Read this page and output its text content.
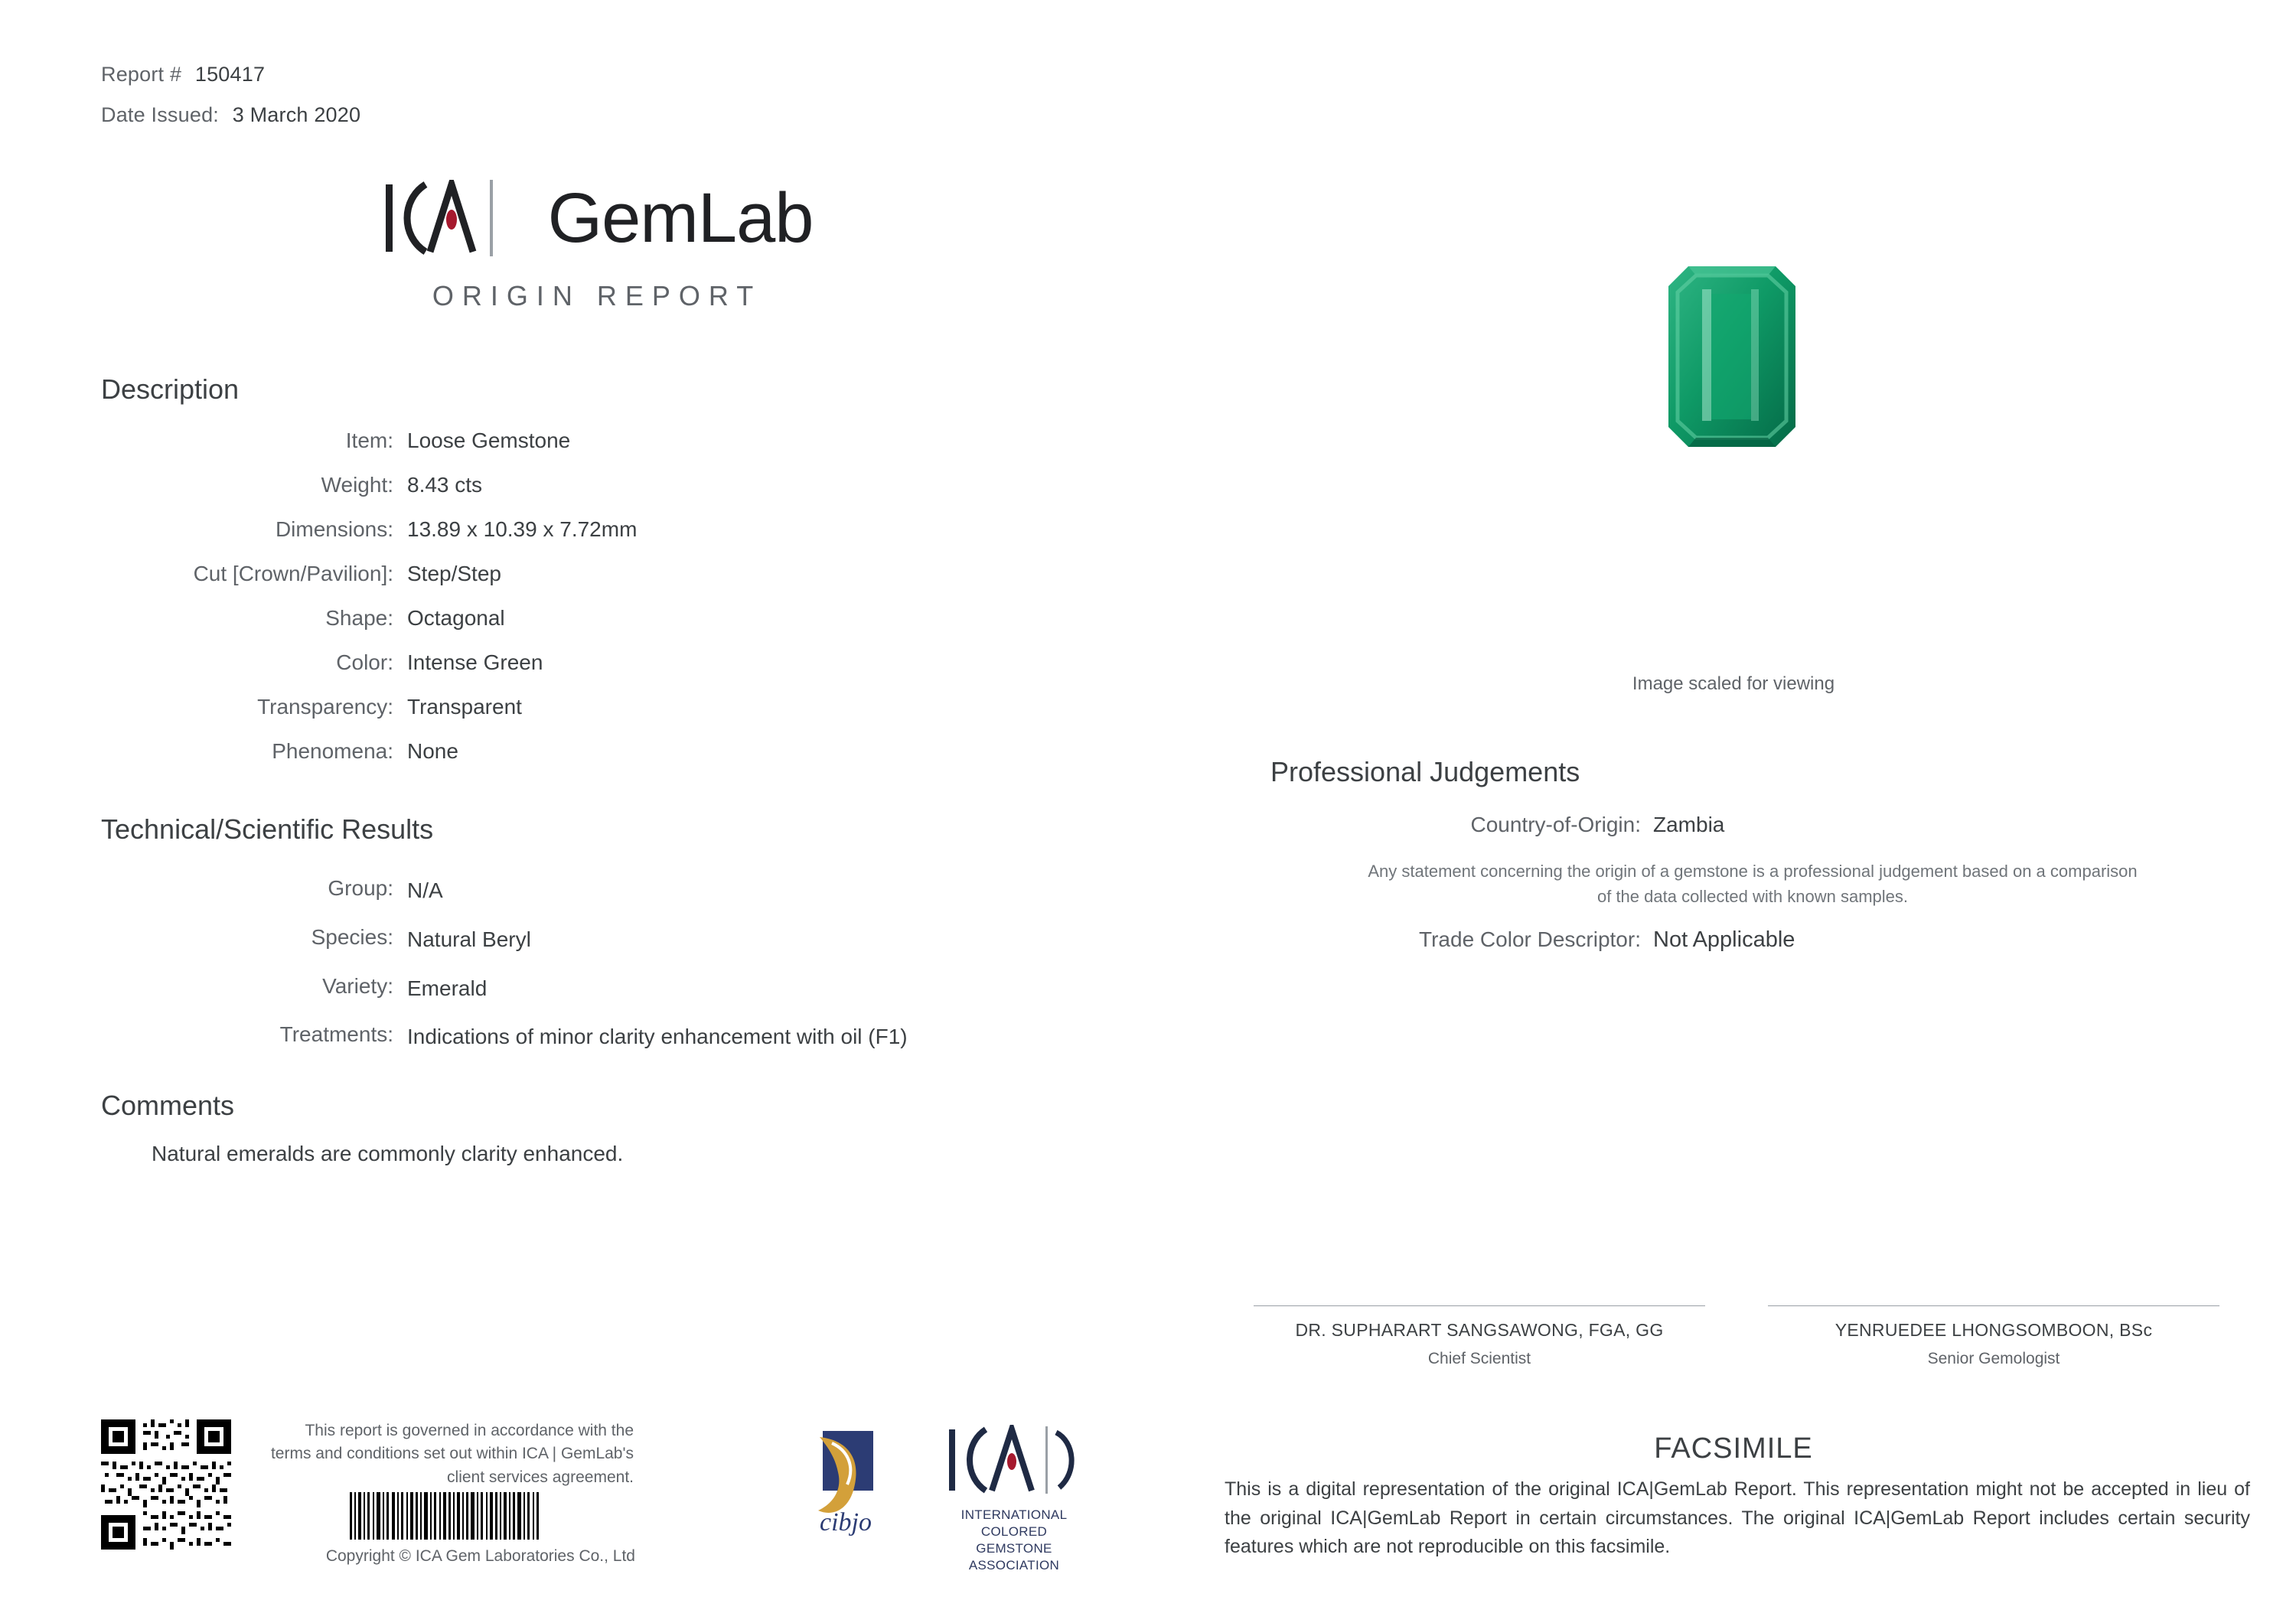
Report # 150417
Date Issued: 3 March 2020
GemLab
ORIGIN REPORT
Description
Item: Loose Gemstone
Weight: 8.43 cts
Dimensions: 13.89 x 10.39 x 7.72mm
Cut [Crown/Pavilion]: Step/Step
Shape: Octagonal
Color: Intense Green
Transparency: Transparent
Phenomena: None
Technical/Scientific Results
Group: N/A
Species: Natural Beryl
Variety: Emerald
Treatments: Indications of minor clarity enhancement with oil (F1)
Comments
Natural emeralds are commonly clarity enhanced.
Image scaled for viewing
Professional Judgements
Country-of-Origin: Zambia
Any statement concerning the origin of a gemstone is a professional judgement based on a comparison of the data collected with known samples.
Trade Color Descriptor: Not Applicable
DR. SUPHARART SANGSAWONG, FGA, GG
Chief Scientist
YENRUEDEE LHONGSOMBOON, BSc
Senior Gemologist
FACSIMILE
This is a digital representation of the original ICA|GemLab Report. This representation might not be accepted in lieu of the original ICA|GemLab Report in certain circumstances. The original ICA|GemLab Report includes certain security features which are not reproducible on this facsimile.
This report is governed in accordance with the terms and conditions set out within ICA | GemLab's client services agreement.
Copyright © ICA Gem Laboratories Co., Ltd
cibjo	INTERNATIONAL COLORED GEMSTONE ASSOCIATION
